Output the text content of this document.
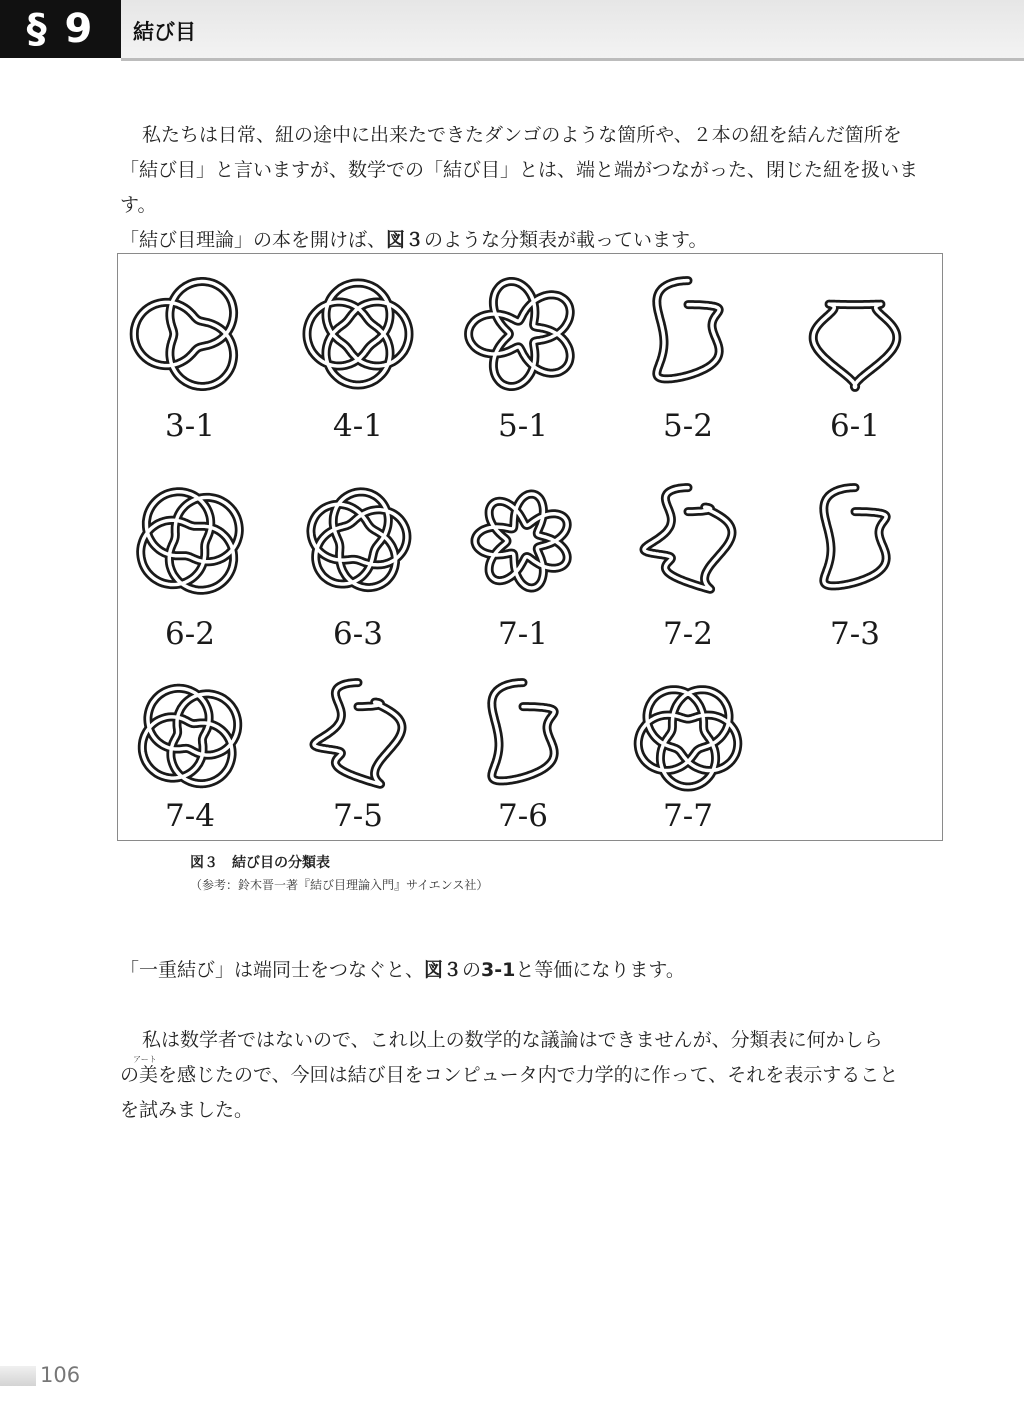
§ 9	結び目

私たちは日常、紐の途中に出来たできたダンゴのような箇所や、２本の紐を結んだ箇所を
「結び目」と言いますが、数学での「結び目」とは、端と端がつながった、閉じた紐を扱います。
「結び目理論」の本を開けば、図３のような分類表が載っています。

3-1	4-1	5-1	5-2	6-1
6-2	6-3	7-1	7-2	7-3
7-4	7-5	7-6	7-7
図３　結び目の分類表
（参考：鈴木晋一著『結び目理論入門』サイエンス社）

「一重結び」は端同士をつなぐと、図３の3-1と等価になります。

アート

私は数学者ではないので、これ以上の数学的な議論はできませんが、分類表に何かしら
の美を感じたので、今回は結び目をコンピュータ内で力学的に作って、それを表示すること
を試みました。

106
